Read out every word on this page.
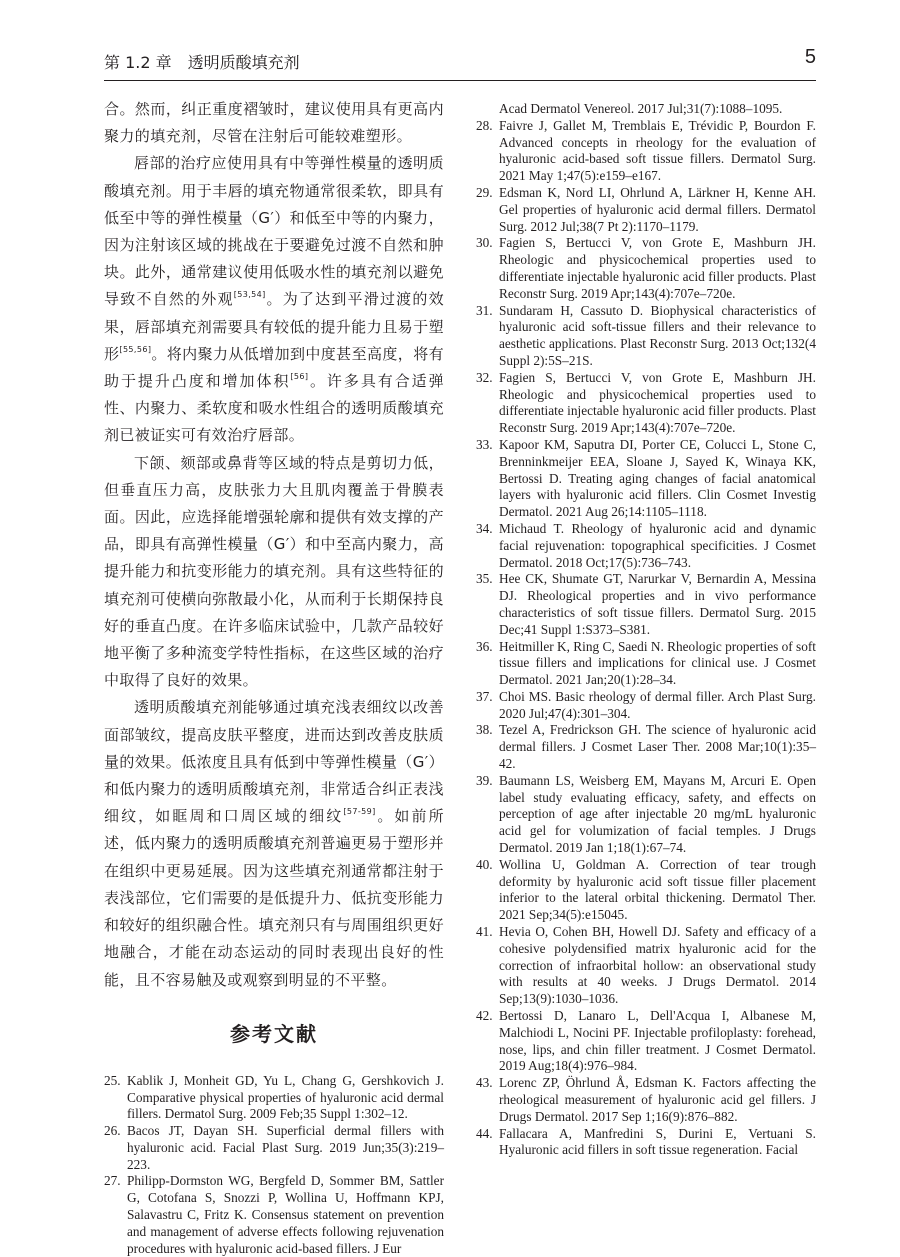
第 1.2 章　透明质酸填充剂	5

合。然而，纠正重度褶皱时，建议使用具有更高内聚力的填充剂，尽管在注射后可能较难塑形。

唇部的治疗应使用具有中等弹性模量的透明质酸填充剂。用于丰唇的填充物通常很柔软，即具有低至中等的弹性模量（G′）和低至中等的内聚力，因为注射该区域的挑战在于要避免过渡不自然和肿块。此外，通常建议使用低吸水性的填充剂以避免导致不自然的外观[53,54]。为了达到平滑过渡的效果，唇部填充剂需要具有较低的提升能力且易于塑形[55,56]。将内聚力从低增加到中度甚至高度，将有助于提升凸度和增加体积[56]。许多具有合适弹性、内聚力、柔软度和吸水性组合的透明质酸填充剂已被证实可有效治疗唇部。

下颌、颏部或鼻背等区域的特点是剪切力低，但垂直压力高，皮肤张力大且肌肉覆盖于骨膜表面。因此，应选择能增强轮廓和提供有效支撑的产品，即具有高弹性模量（G′）和中至高内聚力，高提升能力和抗变形能力的填充剂。具有这些特征的填充剂可使横向弥散最小化，从而利于长期保持良好的垂直凸度。在许多临床试验中，几款产品较好地平衡了多种流变学特性指标，在这些区域的治疗中取得了良好的效果。

透明质酸填充剂能够通过填充浅表细纹以改善面部皱纹，提高皮肤平整度，进而达到改善皮肤质量的效果。低浓度且具有低到中等弹性模量（G′）和低内聚力的透明质酸填充剂，非常适合纠正表浅细纹，如眶周和口周区域的细纹[57-59]。如前所述，低内聚力的透明质酸填充剂普遍更易于塑形并在组织中更易延展。因为这些填充剂通常都注射于表浅部位，它们需要的是低提升力、低抗变形能力和较好的组织融合性。填充剂只有与周围组织更好地融合，才能在动态运动的同时表现出良好的性能，且不容易触及或观察到明显的不平整。

参考文献
25. Kablik J, Monheit GD, Yu L, Chang G, Gershkovich J. Comparative physical properties of hyaluronic acid dermal fillers. Dermatol Surg. 2009 Feb;35 Suppl 1:302–12.
26. Bacos JT, Dayan SH. Superficial dermal fillers with hyaluronic acid. Facial Plast Surg. 2019 Jun;35(3):219–223.
27. Philipp-Dormston WG, Bergfeld D, Sommer BM, Sattler G, Cotofana S, Snozzi P, Wollina U, Hoffmann KPJ, Salavastru C, Fritz K. Consensus statement on prevention and management of adverse effects following rejuvenation procedures with hyaluronic acid-based fillers. J Eur

Acad Dermatol Venereol. 2017 Jul;31(7):1088–1095.

28. Faivre J, Gallet M, Tremblais E, Trévidic P, Bourdon F. Advanced concepts in rheology for the evaluation of hyaluronic acid-based soft tissue fillers. Dermatol Surg. 2021 May 1;47(5):e159–e167.
29. Edsman K, Nord LI, Ohrlund A, Lärkner H, Kenne AH. Gel properties of hyaluronic acid dermal fillers. Dermatol Surg. 2012 Jul;38(7 Pt 2):1170–1179.
30. Fagien S, Bertucci V, von Grote E, Mashburn JH. Rheologic and physicochemical properties used to differentiate injectable hyaluronic acid filler products. Plast Reconstr Surg. 2019 Apr;143(4):707e–720e.
31. Sundaram H, Cassuto D. Biophysical characteristics of hyaluronic acid soft-tissue fillers and their relevance to aesthetic applications. Plast Reconstr Surg. 2013 Oct;132(4 Suppl 2):5S–21S.
32. Fagien S, Bertucci V, von Grote E, Mashburn JH. Rheologic and physicochemical properties used to differentiate injectable hyaluronic acid filler products. Plast Reconstr Surg. 2019 Apr;143(4):707e–720e.
33. Kapoor KM, Saputra DI, Porter CE, Colucci L, Stone C, Brenninkmeijer EEA, Sloane J, Sayed K, Winaya KK, Bertossi D. Treating aging changes of facial anatomical layers with hyaluronic acid fillers. Clin Cosmet Investig Dermatol. 2021 Aug 26;14:1105–1118.
34. Michaud T. Rheology of hyaluronic acid and dynamic facial rejuvenation: topographical specificities. J Cosmet Dermatol. 2018 Oct;17(5):736–743.
35. Hee CK, Shumate GT, Narurkar V, Bernardin A, Messina DJ. Rheological properties and in vivo performance characteristics of soft tissue fillers. Dermatol Surg. 2015 Dec;41 Suppl 1:S373–S381.
36. Heitmiller K, Ring C, Saedi N. Rheologic properties of soft tissue fillers and implications for clinical use. J Cosmet Dermatol. 2021 Jan;20(1):28–34.
37. Choi MS. Basic rheology of dermal filler. Arch Plast Surg. 2020 Jul;47(4):301–304.
38. Tezel A, Fredrickson GH. The science of hyaluronic acid dermal fillers. J Cosmet Laser Ther. 2008 Mar;10(1):35–42.
39. Baumann LS, Weisberg EM, Mayans M, Arcuri E. Open label study evaluating efficacy, safety, and effects on perception of age after injectable 20 mg/mL hyaluronic acid gel for volumization of facial temples. J Drugs Dermatol. 2019 Jan 1;18(1):67–74.
40. Wollina U, Goldman A. Correction of tear trough deformity by hyaluronic acid soft tissue filler placement inferior to the lateral orbital thickening. Dermatol Ther. 2021 Sep;34(5):e15045.
41. Hevia O, Cohen BH, Howell DJ. Safety and efficacy of a cohesive polydensified matrix hyaluronic acid for the correction of infraorbital hollow: an observational study with results at 40 weeks. J Drugs Dermatol. 2014 Sep;13(9):1030–1036.
42. Bertossi D, Lanaro L, Dell'Acqua I, Albanese M, Malchiodi L, Nocini PF. Injectable profiloplasty: forehead, nose, lips, and chin filler treatment. J Cosmet Dermatol. 2019 Aug;18(4):976–984.
43. Lorenc ZP, Öhrlund Å, Edsman K. Factors affecting the rheological measurement of hyaluronic acid gel fillers. J Drugs Dermatol. 2017 Sep 1;16(9):876–882.
44. Fallacara A, Manfredini S, Durini E, Vertuani S. Hyaluronic acid fillers in soft tissue regeneration. Facial
